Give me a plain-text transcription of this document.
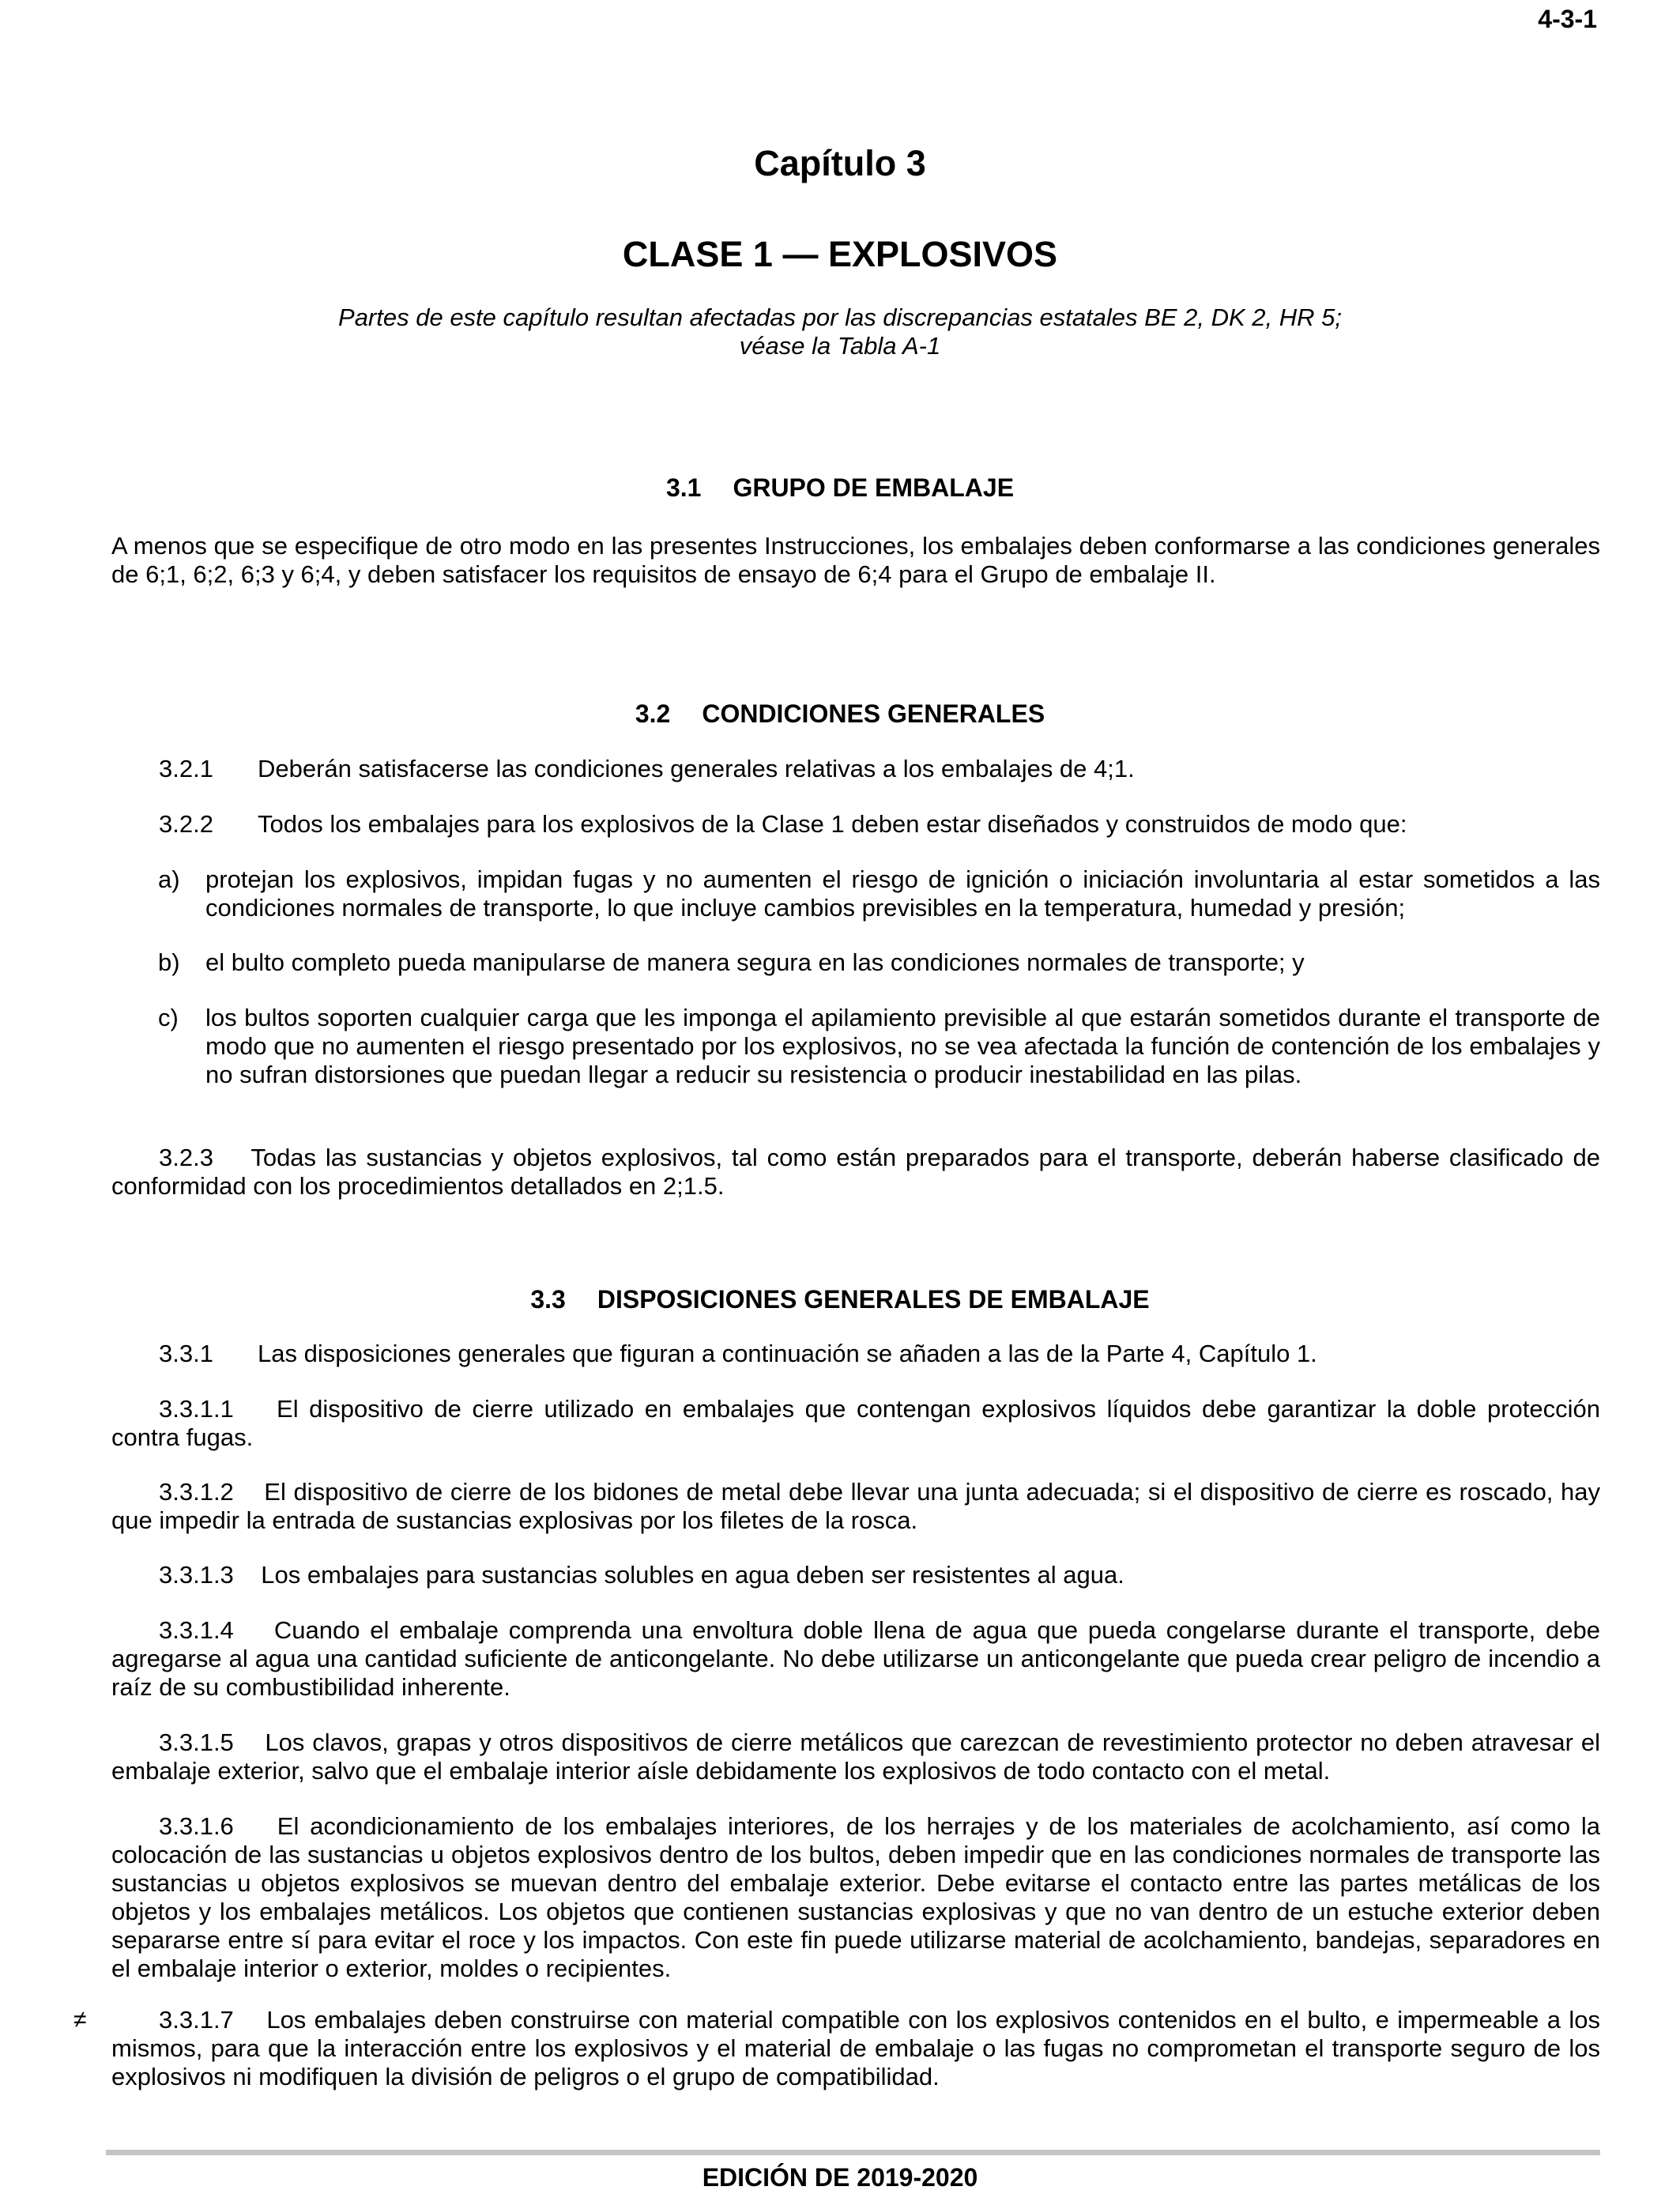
4-3-1
Capítulo 3
CLASE 1 — EXPLOSIVOS
Partes de este capítulo resultan afectadas por las discrepancias estatales BE 2, DK 2, HR 5;
véase la Tabla A-1
3.1 GRUPO DE EMBALAJE
A menos que se especifique de otro modo en las presentes Instrucciones, los embalajes deben conformarse a las condiciones generales de 6;1, 6;2, 6;3 y 6;4, y deben satisfacer los requisitos de ensayo de 6;4 para el Grupo de embalaje II.
3.2 CONDICIONES GENERALES
3.2.1 Deberán satisfacerse las condiciones generales relativas a los embalajes de 4;1.
3.2.2 Todos los embalajes para los explosivos de la Clase 1 deben estar diseñados y construidos de modo que:
a) protejan los explosivos, impidan fugas y no aumenten el riesgo de ignición o iniciación involuntaria al estar sometidos a las condiciones normales de transporte, lo que incluye cambios previsibles en la temperatura, humedad y presión;
b) el bulto completo pueda manipularse de manera segura en las condiciones normales de transporte; y
c) los bultos soporten cualquier carga que les imponga el apilamiento previsible al que estarán sometidos durante el transporte de modo que no aumenten el riesgo presentado por los explosivos, no se vea afectada la función de contención de los embalajes y no sufran distorsiones que puedan llegar a reducir su resistencia o producir inestabilidad en las pilas.
3.2.3 Todas las sustancias y objetos explosivos, tal como están preparados para el transporte, deberán haberse clasificado de conformidad con los procedimientos detallados en 2;1.5.
3.3 DISPOSICIONES GENERALES DE EMBALAJE
3.3.1 Las disposiciones generales que figuran a continuación se añaden a las de la Parte 4, Capítulo 1.
3.3.1.1 El dispositivo de cierre utilizado en embalajes que contengan explosivos líquidos debe garantizar la doble protección contra fugas.
3.3.1.2 El dispositivo de cierre de los bidones de metal debe llevar una junta adecuada; si el dispositivo de cierre es roscado, hay que impedir la entrada de sustancias explosivas por los filetes de la rosca.
3.3.1.3 Los embalajes para sustancias solubles en agua deben ser resistentes al agua.
3.3.1.4 Cuando el embalaje comprenda una envoltura doble llena de agua que pueda congelarse durante el transporte, debe agregarse al agua una cantidad suficiente de anticongelante. No debe utilizarse un anticongelante que pueda crear peligro de incendio a raíz de su combustibilidad inherente.
3.3.1.5 Los clavos, grapas y otros dispositivos de cierre metálicos que carezcan de revestimiento protector no deben atravesar el embalaje exterior, salvo que el embalaje interior aísle debidamente los explosivos de todo contacto con el metal.
3.3.1.6 El acondicionamiento de los embalajes interiores, de los herrajes y de los materiales de acolchamiento, así como la colocación de las sustancias u objetos explosivos dentro de los bultos, deben impedir que en las condiciones normales de transporte las sustancias u objetos explosivos se muevan dentro del embalaje exterior. Debe evitarse el contacto entre las partes metálicas de los objetos y los embalajes metálicos. Los objetos que contienen sustancias explosivas y que no van dentro de un estuche exterior deben separarse entre sí para evitar el roce y los impactos. Con este fin puede utilizarse material de acolchamiento, bandejas, separadores en el embalaje interior o exterior, moldes o recipientes.
≠	3.3.1.7 Los embalajes deben construirse con material compatible con los explosivos contenidos en el bulto, e impermeable a los mismos, para que la interacción entre los explosivos y el material de embalaje o las fugas no comprometan el transporte seguro de los explosivos ni modifiquen la división de peligros o el grupo de compatibilidad.
EDICIÓN DE 2019-2020
